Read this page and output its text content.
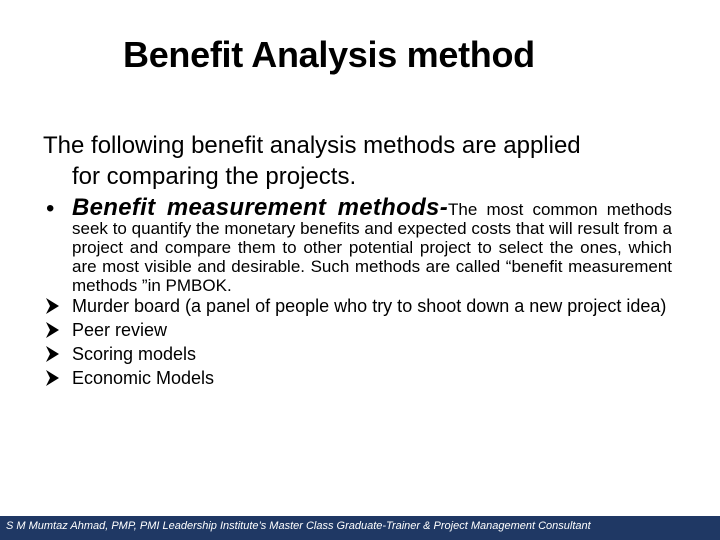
Benefit Analysis method
The following benefit analysis methods are applied
for comparing the projects.
• Benefit measurement methods-The most common methods seek to quantify the monetary benefits and expected costs that will result from a project and compare them to other potential project to select the ones, which are most visible and desirable. Such methods are called “benefit measurement methods ”in PMBOK.
Murder board (a panel of people who try to shoot down a new project idea)
Peer review
Scoring models
Economic Models
S M Mumtaz Ahmad, PMP, PMI Leadership Institute’s Master Class Graduate-Trainer & Project Management Consultant
